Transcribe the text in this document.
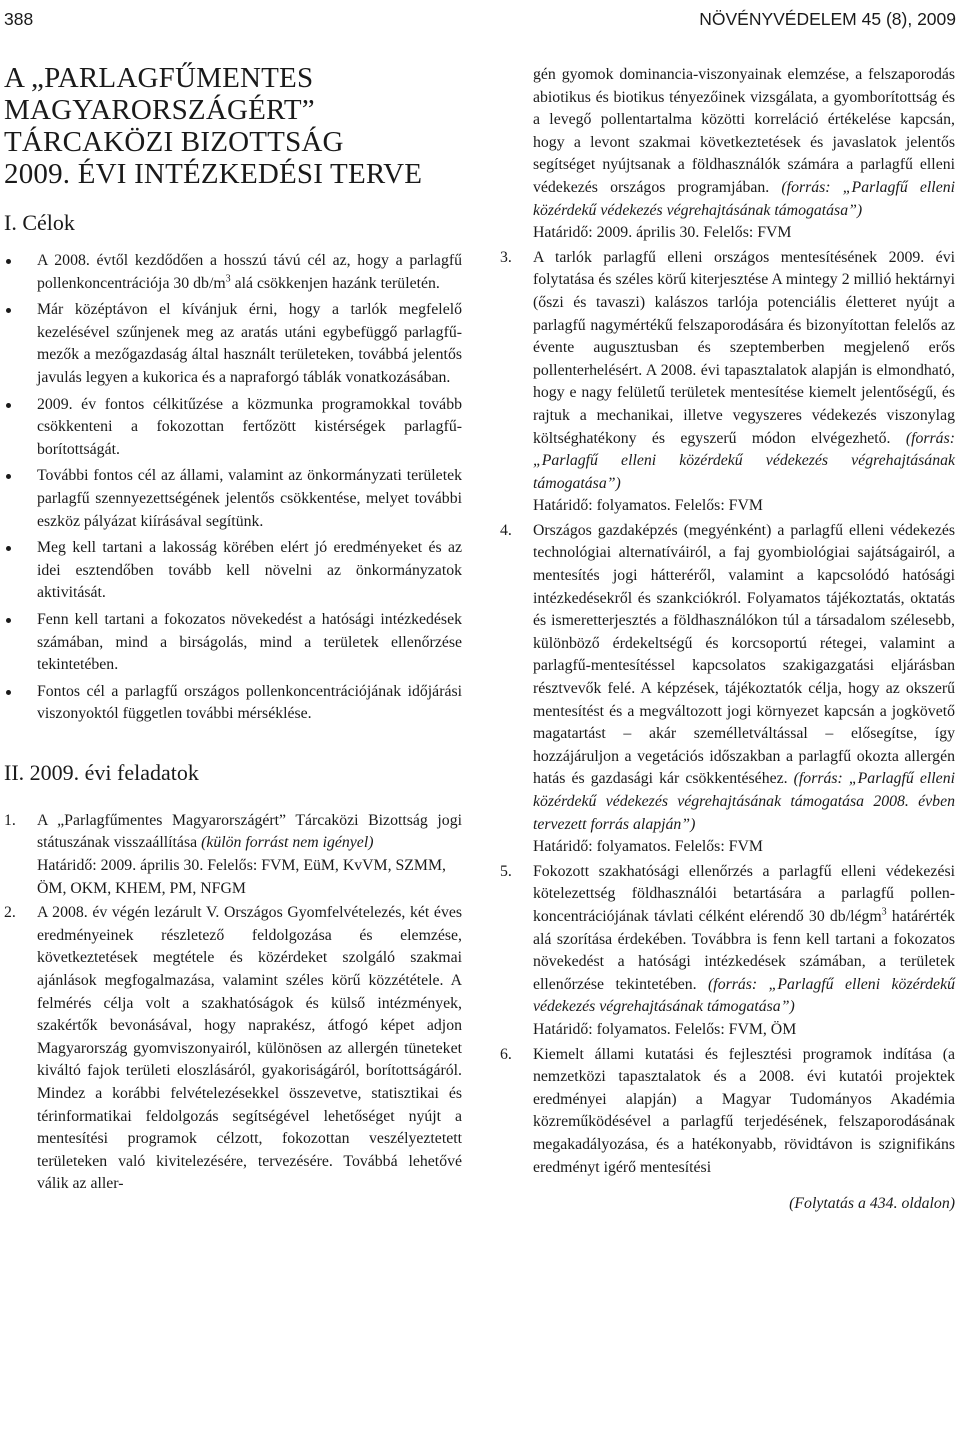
388	NÖVÉNYVÉDELEM 45 (8), 2009
A „PARLAGFŰMENTES
MAGYARORSZÁGÉRT”
TÁRCAKÖZI BIZOTTSÁG
2009. ÉVI INTÉZKEDÉSI TERVE
I. Célok
A 2008. évtől kezdődően a hosszú távú cél az, hogy a parlagfű pollenkoncentrációja 30 $db/m^3$ alá csökkenjen hazánk területén.
Már középtávon el kívánjuk érni, hogy a tarlók megfelelő kezelésével szűnjenek meg az aratás utáni egybefüggő parlagfű-mezők a mezőgazdaság által használt területeken, továbbá jelentős javulás legyen a kukorica és a napraforgó táblák vonatkozásában.
2009. év fontos célkitűzése a közmunka programokkal tovább csökkenteni a fokozottan fertőzött kistérségek parlagfű-borítottságát.
További fontos cél az állami, valamint az önkormányzati területek parlagfű szennyezettségének jelentős csökkentése, melyet további eszköz pályázat kiírásával segítünk.
Meg kell tartani a lakosság körében elért jó eredményeket és az idei esztendőben tovább kell növelni az önkormányzatok aktivitását.
Fenn kell tartani a fokozatos növekedést a hatósági intézkedések számában, mind a birságolás, mind a területek ellenőrzése tekintetében.
Fontos cél a parlagfű országos pollenkoncentrációjának időjárási viszonyoktól független további mérséklése.
II. 2009. évi feladatok
1. A „Parlagfűmentes Magyarországért” Tárcaközi Bizottság jogi státuszának visszaállítása (külön forrást nem igényel)
Határidő: 2009. április 30. Felelős: FVM, EüM, KvVM, SZMM, ÖM, OKM, KHEM, PM, NFGM
2. A 2008. év végén lezárult V. Országos Gyomfelvételezés, két éves eredményeinek részletező feldolgozása és elemzése, következtetések megtétele és közérdeket szolgáló szakmai ajánlások megfogalmazása, valamint széles körű közzététele. A felmérés célja volt a szakhatóságok és külső intézmények, szakértők bevonásával, hogy naprakész, átfogó képet adjon Magyarország gyomviszonyairól, különösen az allergén tüneteket kiváltó fajok területi eloszlásáról, gyakoriságáról, borítottságáról. Mindez a korábbi felvételezésekkel összevetve, statisztikai és térinformatikai feldolgozás segítségével lehetőséget nyújt a mentesítési programok célzott, fokozottan veszélyeztetett területeken való kivitelezésére, tervezésére. Továbbá lehetővé válik az aller-
gén gyomok dominancia-viszonyainak elemzése, a felszaporodás abiotikus és biotikus tényezőinek vizsgálata, a gyomborítottság és a levegő pollentartalma közötti korreláció értékelése kapcsán, hogy a levont szakmai következtetések és javaslatok jelentős segítséget nyújtsanak a földhasználók számára a parlagfű elleni védekezés országos programjában. (forrás: „Parlagfű elleni közérdekű védekezés végrehajtásának támogatása”)
Határidő: 2009. április 30. Felelős: FVM
3. A tarlók parlagfű elleni országos mentesítésének 2009. évi folytatása és széles körű kiterjesztése A mintegy 2 millió hektárnyi (őszi és tavaszi) kalászos tarlója potenciális életteret nyújt a parlagfű nagymértékű felszaporodására és bizonyítottan felelős az évente augusztusban és szeptemberben megjelenő erős pollenterhelésért. A 2008. évi tapasztalatok alapján is elmondható, hogy e nagy felületű területek mentesítése kiemelt jelentőségű, és rajtuk a mechanikai, illetve vegyszeres védekezés viszonylag költséghatékony és egyszerű módon elvégezhető. (forrás: „Parlagfű elleni közérdekű védekezés végrehajtásának támogatása”)
Határidő: folyamatos. Felelős: FVM
4. Országos gazdaképzés (megyénként) a parlagfű elleni védekezés technológiai alternatíváiról, a faj gyombiológiai sajátságairól, a mentesítés jogi hátteréről, valamint a kapcsolódó hatósági intézkedésekről és szankciókról. Folyamatos tájékoztatás, oktatás és ismeretterjesztés a földhasználókon túl a társadalom szélesebb, különböző érdekeltségű és korcsoportú rétegei, valamint a parlagfű-mentesítéssel kapcsolatos szakigazgatási eljárásban résztvevők felé. A képzések, tájékoztatók célja, hogy az okszerű mentesítést és a megváltozott jogi környezet kapcsán a jogkövető magatartást – akár személletváltással – elősegítse, így hozzájáruljon a vegetációs időszakban a parlagfű okozta allergén hatás és gazdasági kár csökkentéséhez. (forrás: „Parlagfű elleni közérdekű védekezés végrehajtásának támogatása 2008. évben tervezett forrás alapján”)
Határidő: folyamatos. Felelős: FVM
5. Fokozott szakhatósági ellenőrzés a parlagfű elleni védekezési kötelezettség földhasználói betartására a parlagfű pollen-koncentrációjának távlati célként elérendő 30 db/légm$^3$ határérték alá szorítása érdekében. Továbbra is fenn kell tartani a fokozatos növekedést a hatósági intézkedések számában, a területek ellenőrzése tekintetében. (forrás: „Parlagfű elleni közérdekű védekezés végrehajtásának támogatása”)
Határidő: folyamatos. Felelős: FVM, ÖM
6. Kiemelt állami kutatási és fejlesztési programok indítása (a nemzetközi tapasztalatok és a 2008. évi kutatói projektek eredményei alapján) a Magyar Tudományos Akadémia közreműködésével a parlagfű terjedésének, felszaporodásának megakadályozása, és a hatékonyabb, rövidtávon is szignifikáns eredményt igérő mentesítési

(Folytatás a 434. oldalon)
